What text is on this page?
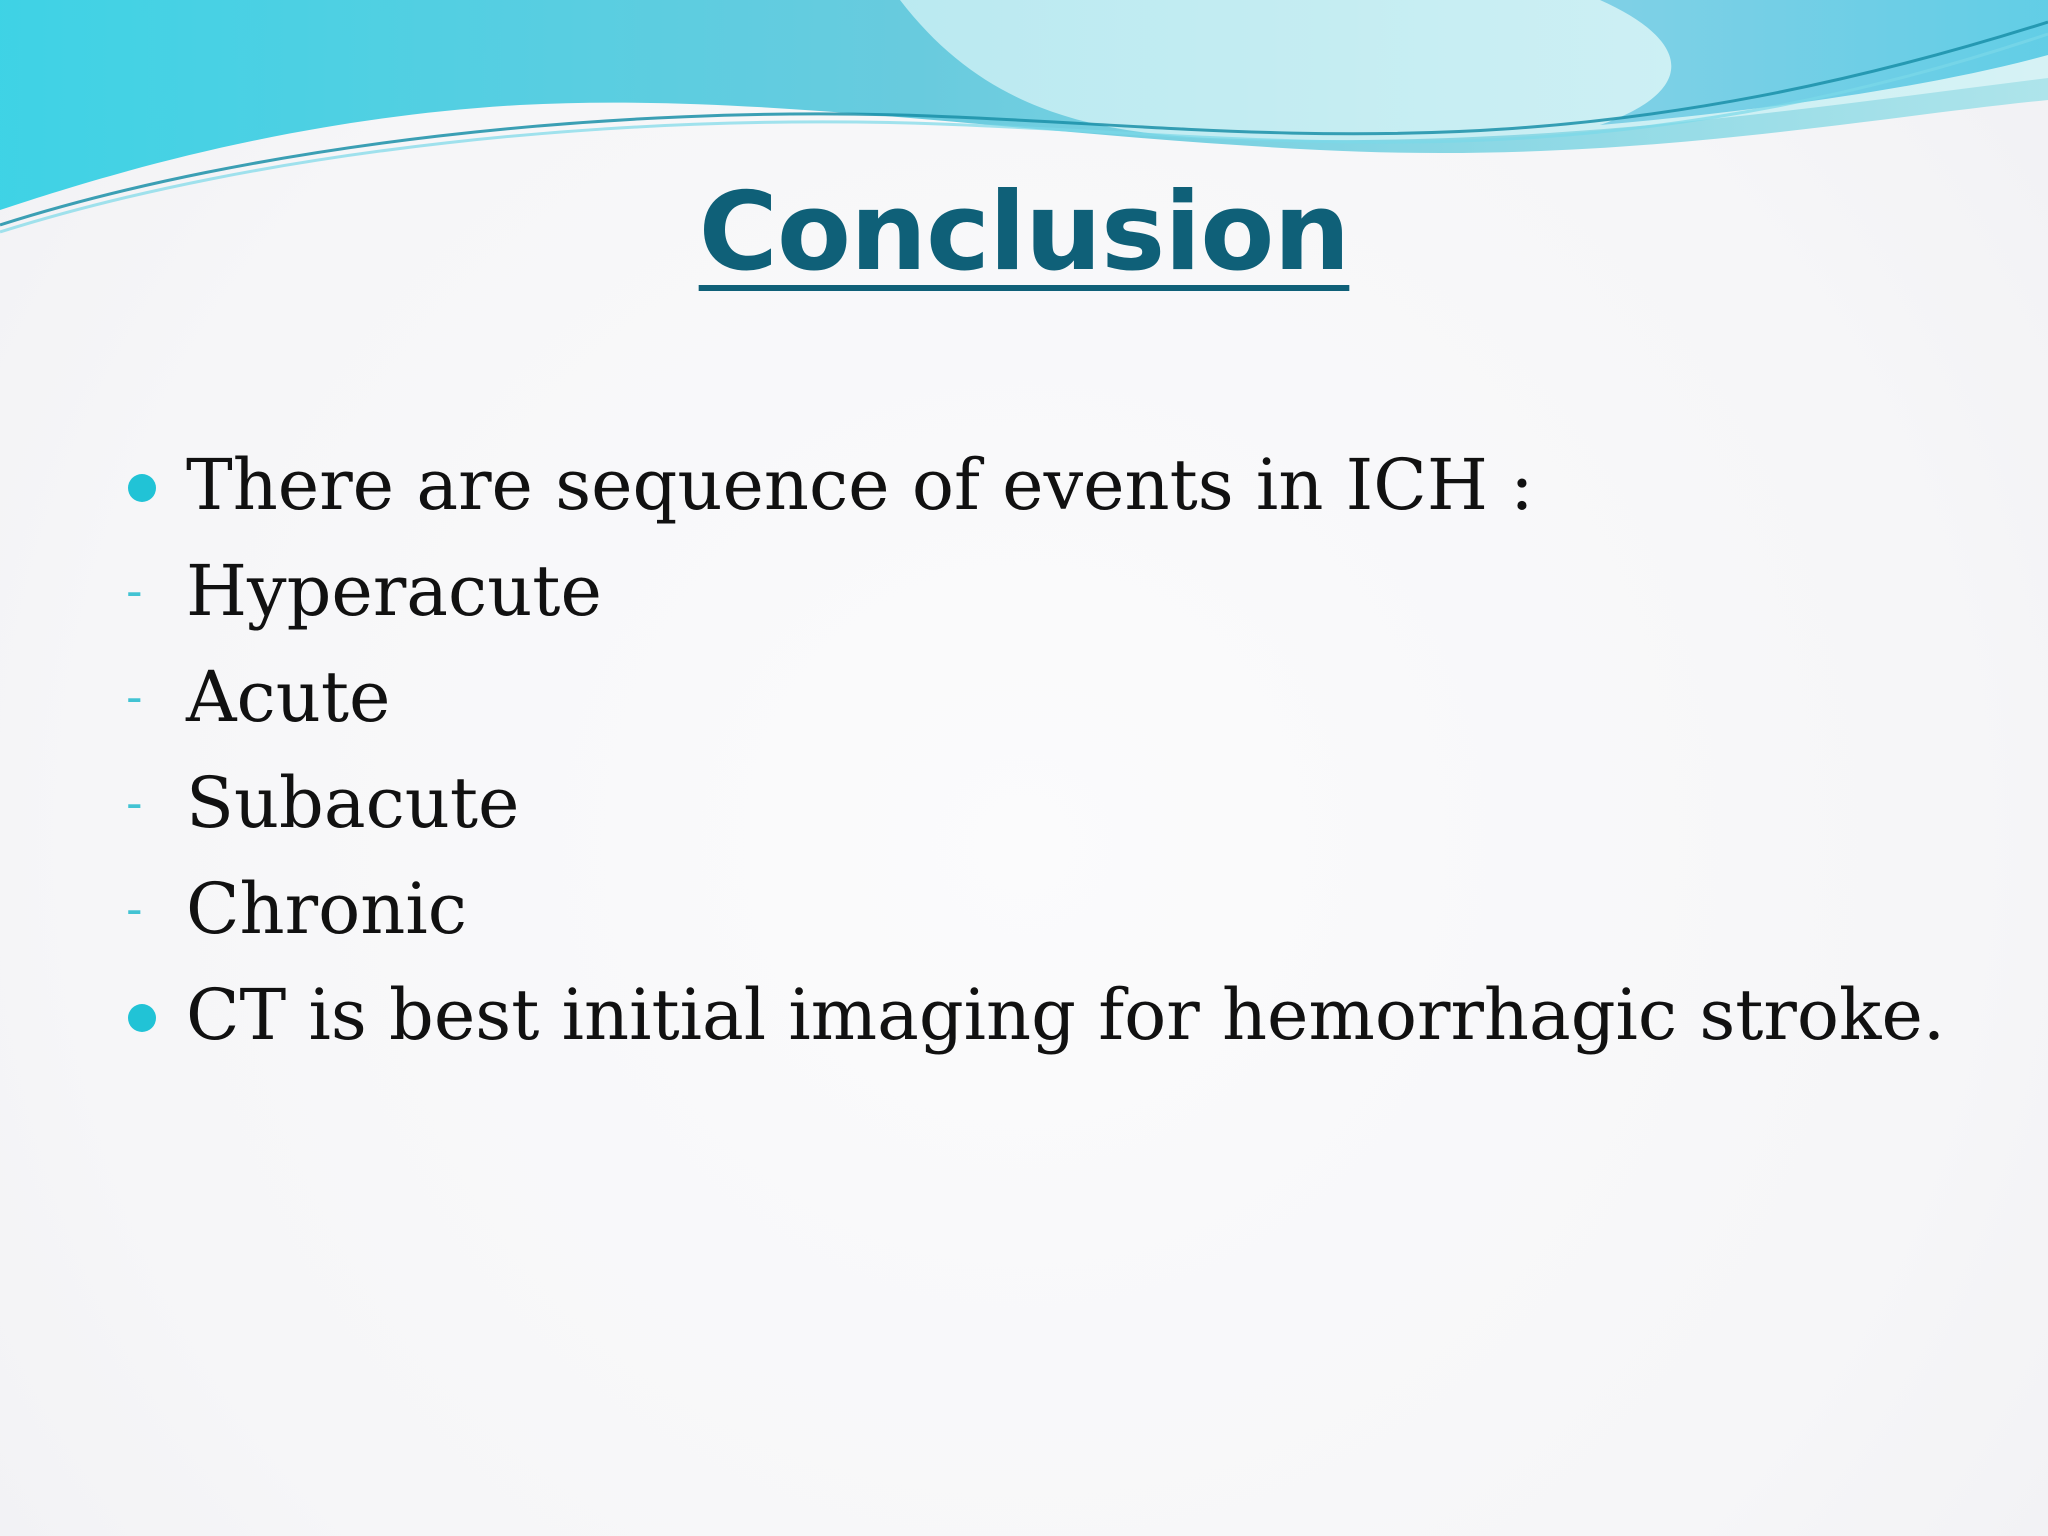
Conclusion
There are sequence of events in ICH :
- Hyperacute
- Acute
- Subacute
- Chronic
CT is best initial imaging for hemorrhagic stroke.
